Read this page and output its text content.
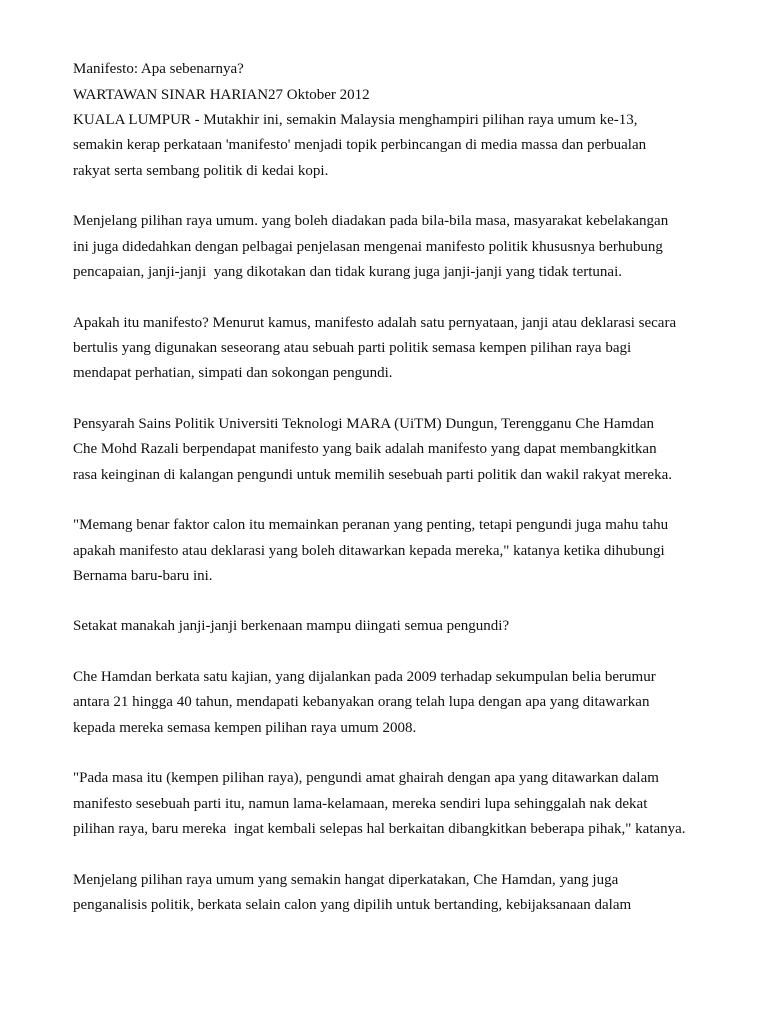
Manifesto: Apa sebenarnya?
WARTAWAN SINAR HARIAN27 Oktober 2012
KUALA LUMPUR - Mutakhir ini, semakin Malaysia menghampiri pilihan raya umum ke-13,
semakin kerap perkataan 'manifesto' menjadi topik perbincangan di media massa dan perbualan
rakyat serta sembang politik di kedai kopi.
Menjelang pilihan raya umum. yang boleh diadakan pada bila-bila masa, masyarakat kebelakangan
ini juga didedahkan dengan pelbagai penjelasan mengenai manifesto politik khususnya berhubung
pencapaian, janji-janji  yang dikotakan dan tidak kurang juga janji-janji yang tidak tertunai.
Apakah itu manifesto? Menurut kamus, manifesto adalah satu pernyataan, janji atau deklarasi secara
bertulis yang digunakan seseorang atau sebuah parti politik semasa kempen pilihan raya bagi
mendapat perhatian, simpati dan sokongan pengundi.
Pensyarah Sains Politik Universiti Teknologi MARA (UiTM) Dungun, Terengganu Che Hamdan
Che Mohd Razali berpendapat manifesto yang baik adalah manifesto yang dapat membangkitkan
rasa keinginan di kalangan pengundi untuk memilih sesebuah parti politik dan wakil rakyat mereka.
"Memang benar faktor calon itu memainkan peranan yang penting, tetapi pengundi juga mahu tahu
apakah manifesto atau deklarasi yang boleh ditawarkan kepada mereka," katanya ketika dihubungi
Bernama baru-baru ini.
Setakat manakah janji-janji berkenaan mampu diingati semua pengundi?
Che Hamdan berkata satu kajian, yang dijalankan pada 2009 terhadap sekumpulan belia berumur
antara 21 hingga 40 tahun, mendapati kebanyakan orang telah lupa dengan apa yang ditawarkan
kepada mereka semasa kempen pilihan raya umum 2008.
"Pada masa itu (kempen pilihan raya), pengundi amat ghairah dengan apa yang ditawarkan dalam
manifesto sesebuah parti itu, namun lama-kelamaan, mereka sendiri lupa sehinggalah nak dekat
pilihan raya, baru mereka  ingat kembali selepas hal berkaitan dibangkitkan beberapa pihak," katanya.
Menjelang pilihan raya umum yang semakin hangat diperkatakan, Che Hamdan, yang juga
penganalisis politik, berkata selain calon yang dipilih untuk bertanding, kebijaksanaan dalam
